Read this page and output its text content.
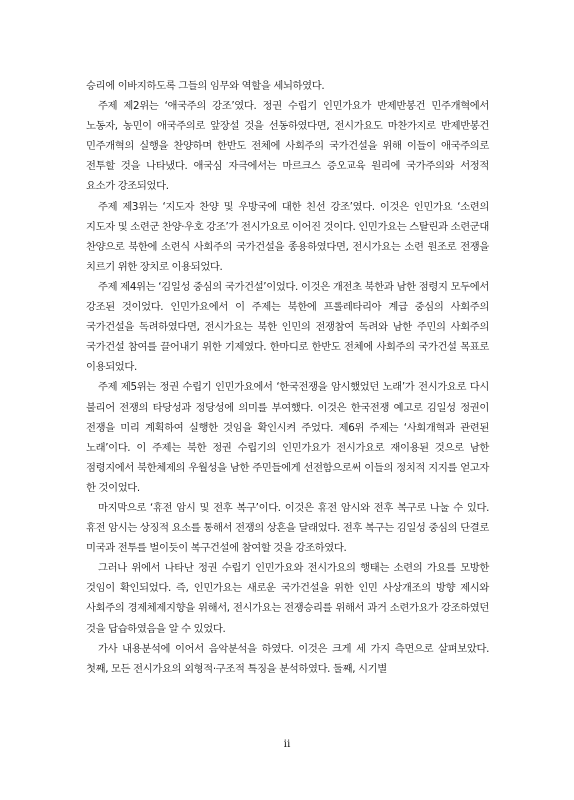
승리에 이바지하도록 그들의 임무와 역할을 세뇌하였다.

주제 제2위는 ‘애국주의 강조’였다. 정권 수립기 인민가요가 반제반봉건 민주개혁에서 노동자, 농민이 애국주의로 앞장설 것을 선동하였다면, 전시가요도 마찬가지로 반제반봉건 민주개혁의 실행을 찬양하며 한반도 전체에 사회주의 국가건설을 위해 이들이 애국주의로 전투할 것을 나타냈다. 애국심 자극에서는 마르크스 증오교육 원리에 국가주의와 서정적 요소가 강조되었다.

주제 제3위는 ‘지도자 찬양 및 우방국에 대한 친선 강조’였다. 이것은 인민가요 ‘소련의 지도자 및 소련군 찬양·우호 강조’가 전시가요로 이어진 것이다. 인민가요는 스탈린과 소련군대 찬양으로 북한에 소련식 사회주의 국가건설을 종용하였다면, 전시가요는 소련 원조로 전쟁을 치르기 위한 장치로 이용되었다.

주제 제4위는 ‘김일성 중심의 국가건설’이었다. 이것은 개전초 북한과 남한 점령지 모두에서 강조된 것이었다. 인민가요에서 이 주제는 북한에 프롤레타리아 계급 중심의 사회주의 국가건설을 독려하였다면, 전시가요는 북한 인민의 전쟁참여 독려와 남한 주민의 사회주의 국가건설 참여를 끌어내기 위한 기제였다. 한마디로 한반도 전체에 사회주의 국가건설 목표로 이용되었다.

주제 제5위는 정권 수립기 인민가요에서 ‘한국전쟁을 암시했었던 노래’가 전시가요로 다시 불리어 전쟁의 타당성과 정당성에 의미를 부여했다. 이것은 한국전쟁 예고로 김일성 정권이 전쟁을 미리 계획하여 실행한 것임을 확인시켜 주었다. 제6위 주제는 ‘사회개혁과 관련된 노래’이다. 이 주제는 북한 정권 수립기의 인민가요가 전시가요로 재이용된 것으로 남한 점령지에서 북한체제의 우월성을 남한 주민들에게 선전함으로써 이들의 정치적 지지를 얻고자 한 것이었다.

마지막으로 ‘휴전 암시 및 전후 복구’이다. 이것은 휴전 암시와 전후 복구로 나눌 수 있다. 휴전 암시는 상징적 요소를 통해서 전쟁의 상흔을 달래었다. 전후 복구는 김일성 중심의 단결로 미국과 전투를 벌이듯이 복구건설에 참여할 것을 강조하였다.

그러나 위에서 나타난 정권 수립기 인민가요와 전시가요의 행태는 소련의 가요를 모방한 것임이 확인되었다. 즉, 인민가요는 새로운 국가건설을 위한 인민 사상개조의 방향 제시와 사회주의 경제체제지향을 위해서, 전시가요는 전쟁승리를 위해서 과거 소련가요가 강조하였던 것을 답습하였음을 알 수 있었다.

가사 내용분석에 이어서 음악분석을 하였다. 이것은 크게 세 가지 측면으로 살펴보았다. 첫째, 모든 전시가요의 외형적·구조적 특징을 분석하였다. 둘째, 시기별

ii
